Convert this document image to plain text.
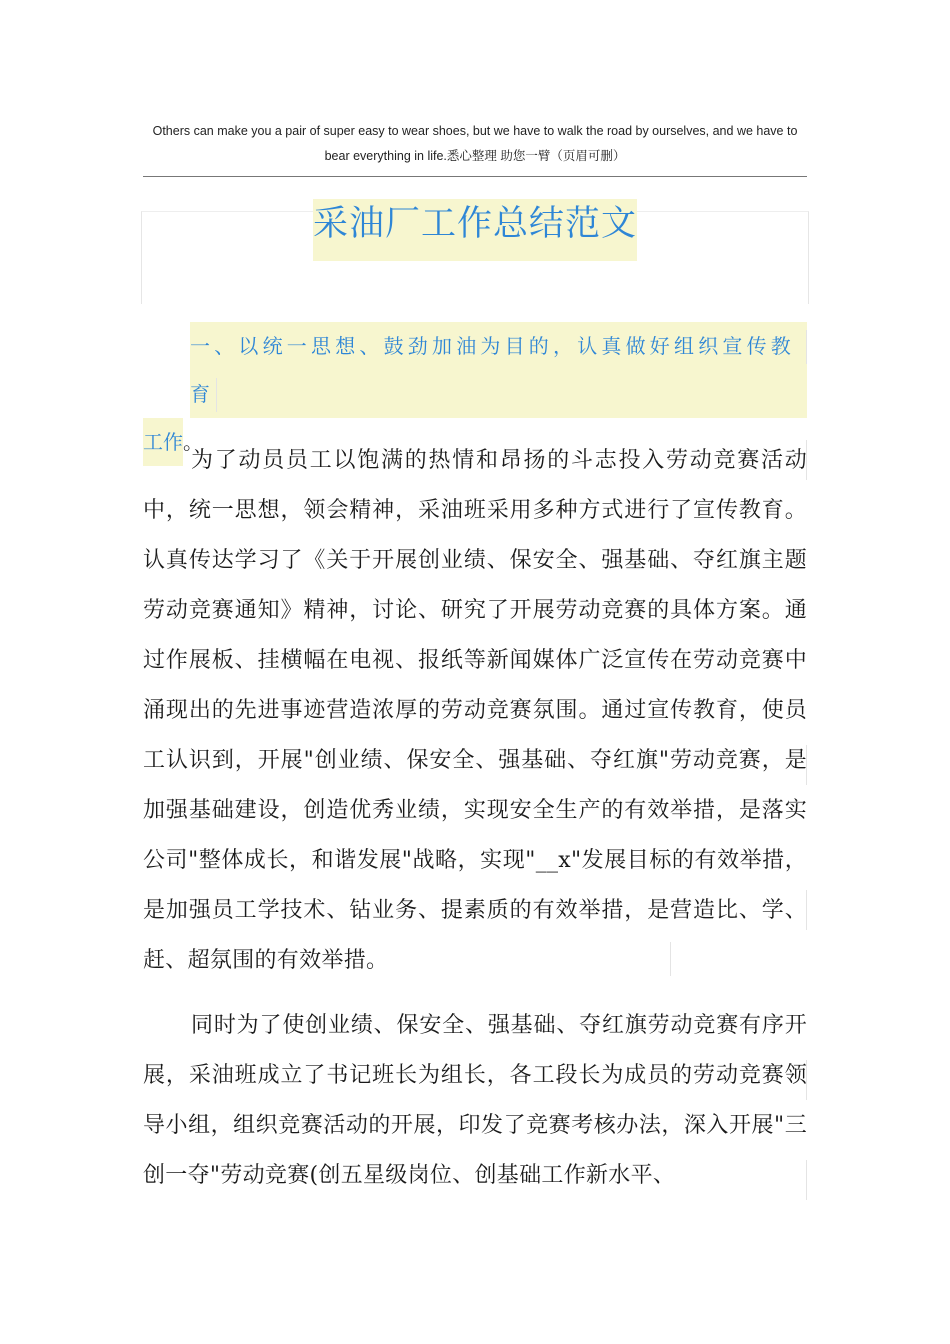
Others can make you a pair of super easy to wear shoes, but we have to walk the road by ourselves, and we have to bear everything in life.悉心整理 助您一臂（页眉可删）
采油厂工作总结范文
一、以统一思想、鼓劲加油为目的，认真做好组织宣传教育工作。
为了动员员工以饱满的热情和昂扬的斗志投入劳动竞赛活动中，统一思想，领会精神，采油班采用多种方式进行了宣传教育。认真传达学习了《关于开展创业绩、保安全、强基础、夺红旗主题劳动竞赛通知》精神，讨论、研究了开展劳动竞赛的具体方案。通过作展板、挂横幅在电视、报纸等新闻媒体广泛宣传在劳动竞赛中涌现出的先进事迹营造浓厚的劳动竞赛氛围。通过宣传教育，使员工认识到，开展"创业绩、保安全、强基础、夺红旗"劳动竞赛，是加强基础建设，创造优秀业绩，实现安全生产的有效举措，是落实公司"整体成长，和谐发展"战略，实现"__x"发展目标的有效举措，是加强员工学技术、钻业务、提素质的有效举措，是营造比、学、赶、超氛围的有效举措。
同时为了使创业绩、保安全、强基础、夺红旗劳动竞赛有序开展，采油班成立了书记班长为组长，各工段长为成员的劳动竞赛领导小组，组织竞赛活动的开展，印发了竞赛考核办法，深入开展"三创一夺"劳动竞赛(创五星级岗位、创基础工作新水平、
